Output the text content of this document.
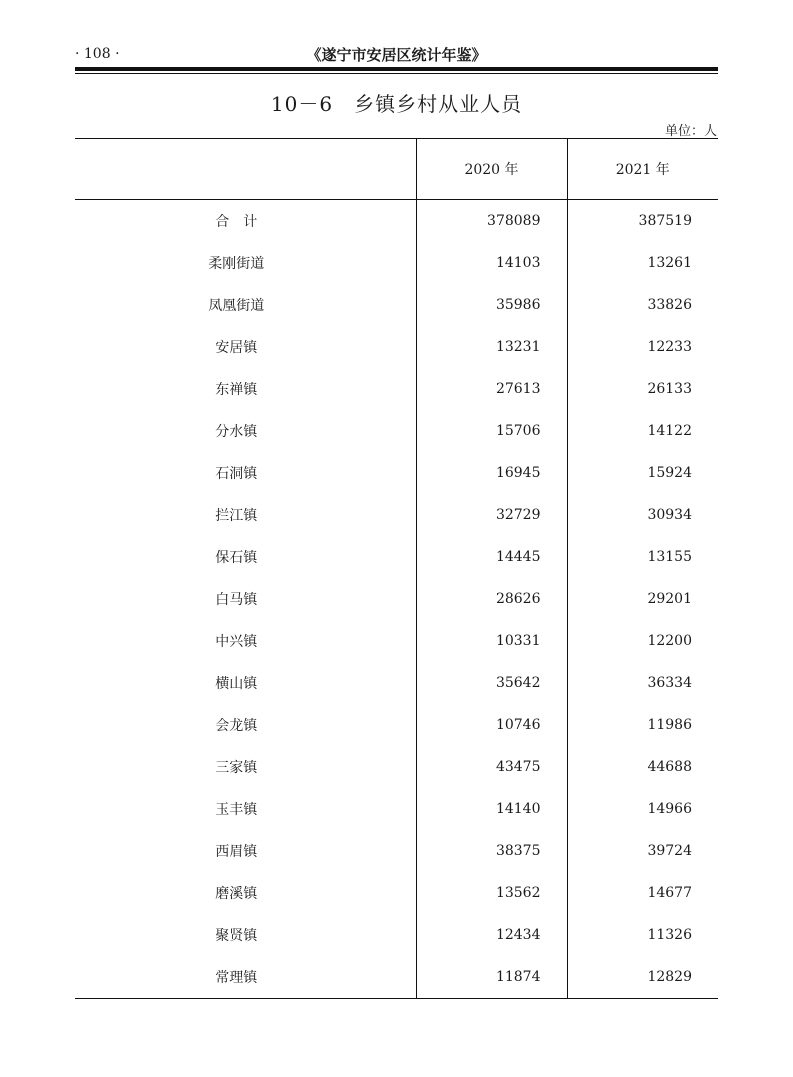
· 108 ·	《遂宁市安居区统计年鉴》
10－6　乡镇乡村从业人员
单位：人
	2020 年	2021 年
合　计	378089	387519
柔刚街道	14103	13261
凤凰街道	35986	33826
安居镇	13231	12233
东禅镇	27613	26133
分水镇	15706	14122
石洞镇	16945	15924
拦江镇	32729	30934
保石镇	14445	13155
白马镇	28626	29201
中兴镇	10331	12200
横山镇	35642	36334
会龙镇	10746	11986
三家镇	43475	44688
玉丰镇	14140	14966
西眉镇	38375	39724
磨溪镇	13562	14677
聚贤镇	12434	11326
常理镇	11874	12829
